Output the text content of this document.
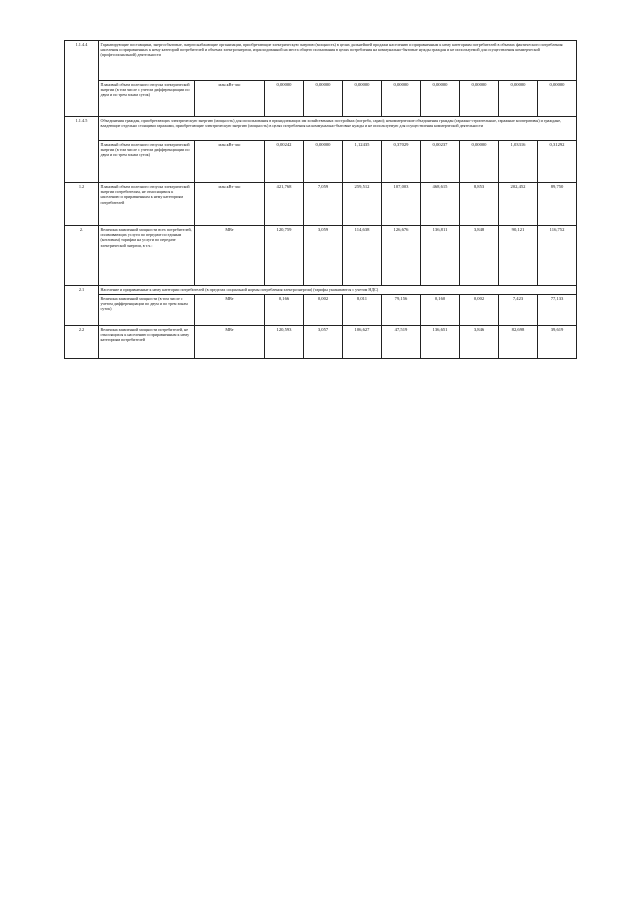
1.1.4.4	Гарантирующие поставщики, энергосбытовые, энергоснабжающие организации, приобретающие электрическую энергию (мощность) в целях дальнейшей продажи населению и приравненным к нему категориям потребителей в объемах фактического потребления населения и приравненных к нему категорий потребителей и объемах электроэнергии, израсходованной на места общего пользования в целях потребления на коммунально-бытовые нужды граждан и не используемой для осуществления коммерческой (профессиональной) деятельности									
	Плановый объем полезного отпуска электрической энергии (в том числе с учетом дифференциации по двум и по трем зонам суток)	млн.кВт·час	0,00000	0,00000	0,00000	0,00000	0,00000	0,00000	0,00000	0,00000
1.1.4.5	Объединения граждан, приобретающих электрическую энергию (мощность) для использования в принадлежащих им хозяйственных постройках (погреба, сараи); некоммерческие объединения граждан (гаражно-строительные, гаражные кооперативы) и граждане, владеющие отдельно стоящими гаражами, приобретающие электрическую энергию (мощность) в целях потребления на коммунально-бытовые нужды и не используемую для осуществления коммерческой деятельности									
	Плановый объем полезного отпуска электрической энергии (в том числе с учетом дифференциации по двум и по трем зонам суток)	млн.кВт·час	0,00242	0,00000	1,12435	0,37029	0,00237	0,00000	1,03316	0,31292
1.2	Плановый объем полезного отпуска электрической энергии потребителям, не относящимся к населению и приравненным к нему категориям потребителей	млн.кВт·час	421,768	7,059	259,512	107,003	468,615	8,853	202,452	89,750
2.	Величина заявленной мощности всех потребителей, оплачивающих услуги по передаче по единым (котловым) тарифам на услуги по передаче электрической энергии, в т.ч.:	МВт	120,759	3,059	114,638	126,676	136,811	3,848	90,121	116,752
2.1	Население и приравненные к нему категории потребителей (в пределах социальной нормы потребления электроэнергии) (тарифы указываются с учетом НДС)									
	Величина заявленной мощности (в том числе с учетом дифференциации по двум и по трем зонам суток)	МВт	0,166	0,002	8,011	79,156	0,160	0,002	7,423	77,133
2.2	Величина заявленной мощности потребителей, не относящихся к населению и приравненным к нему категориям потребителей	МВт	120,593	3,057	106,627	47,519	136,651	3,846	82,698	39,619
